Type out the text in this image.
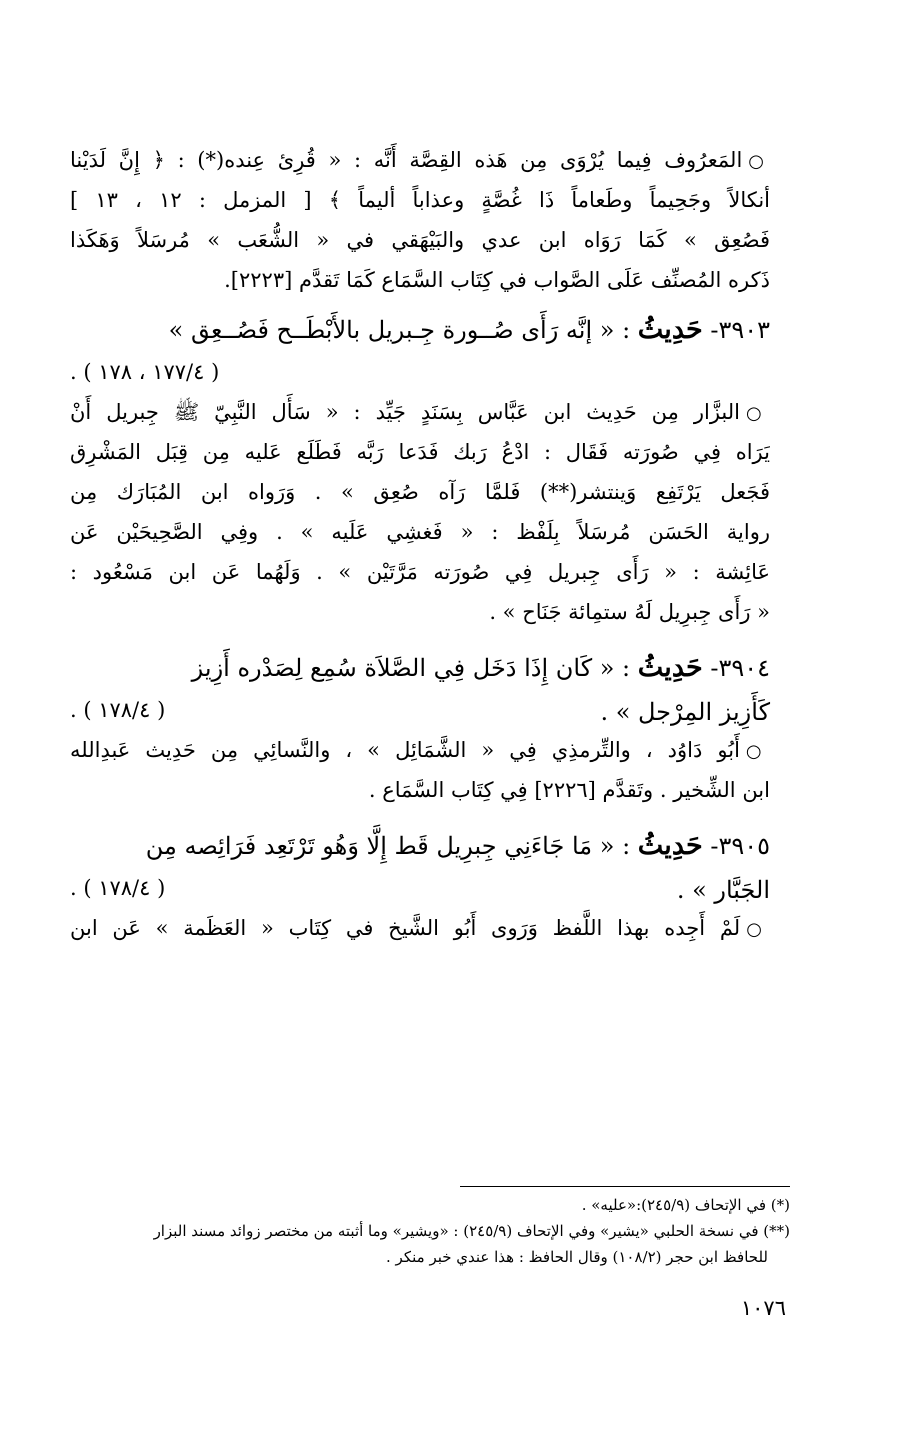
○المَعرُوف فِيما يُرْوَى مِن هَذه القِصَّة أَنَّه : « قُرِئ عِنده(*) : ﴿ إِنَّ لَدَيْنا
أنكالاً وجَحِيماً وطَعاماً ذَا غُصَّةٍ وعذاباً أليماً ﴾ [ المزمل : ١٢ ، ١٣ ]
فَصُعِق » كَمَا رَوَاه ابن عدي والبَيْهَقي في « الشُّعَب » مُرسَلاً وَهَكَذا
ذَكره المُصنِّف عَلَى الصَّواب في كِتَاب السَّمَاع كَمَا تَقدَّم [٢٢٢٣].
٣٩٠٣- حَدِيثُ : « إنَّه رَأَى صُــورة جِـبريل بالأَبْطَــح فَصُــعِق »
( ١٧٧/٤ ، ١٧٨ ) .
○البزَّار مِن حَدِيث ابن عَبَّاس بِسَنَدٍ جَيِّد : « سَأَل النَّبِيّ ﷺ جِبريل أَنْ
يَرَاه فِي صُورَته فَقَال : ادْعُ رَبك فَدَعا رَبَّه فَطَلَع عَليه مِن قِبَل المَشْرِق
فَجَعل يَرْتَفِع وَينتشر(**) فَلمَّا رَآه صُعِق » . وَرَواه ابن المُبَارَك مِن
رواية الحَسَن مُرسَلاً بِلَفْظ : « فَغشِي عَلَيه » . وفِي الصَّحِيحَيْن عَن
عَائِشة : « رَأَى جِبريل فِي صُورَته مَرَّتَيْن » . وَلَهُما عَن ابن مَسْعُود :
« رَأَى جِبرِيل لَهُ ستمِائة جَنَاح » .
٣٩٠٤- حَدِيثُ : « كَان إِذَا دَخَل فِي الصَّلاَة سُمِع لِصَدْره أَزِيز
كَأَزِيز المِرْجل » .
( ١٧٨/٤ ) .
○أَبُو دَاوُد ، والتِّرمذِي فِي « الشَّمَائِل » ، والنَّسائِي مِن حَدِيث عَبدِالله
ابن الشِّخير . وتَقدَّم [٢٢٢٦] فِي كِتَاب السَّمَاع .
٣٩٠٥- حَدِيثُ : « مَا جَاءَنِي جِبرِيل قَط إِلَّا وَهُو تَرْتَعِد فَرَائِصه مِن
الجَبَّار » .
( ١٧٨/٤ ) .
○لَمْ أَجِده بهذا اللَّفظ وَرَوى أَبُو الشَّيخ في كِتَاب « العَظَمة » عَن ابن
(*) في الإتحاف (٢٤٥/٩):«عليه» .
(**) في نسخة الحلبي «يشير» وفي الإتحاف (٢٤٥/٩) : «ويشير» وما أثبته من مختصر زوائد مسند البزار
للحافظ ابن حجر (١٠٨/٢) وقال الحافظ : هذا عندي خبر منكر .
١٠٧٦
